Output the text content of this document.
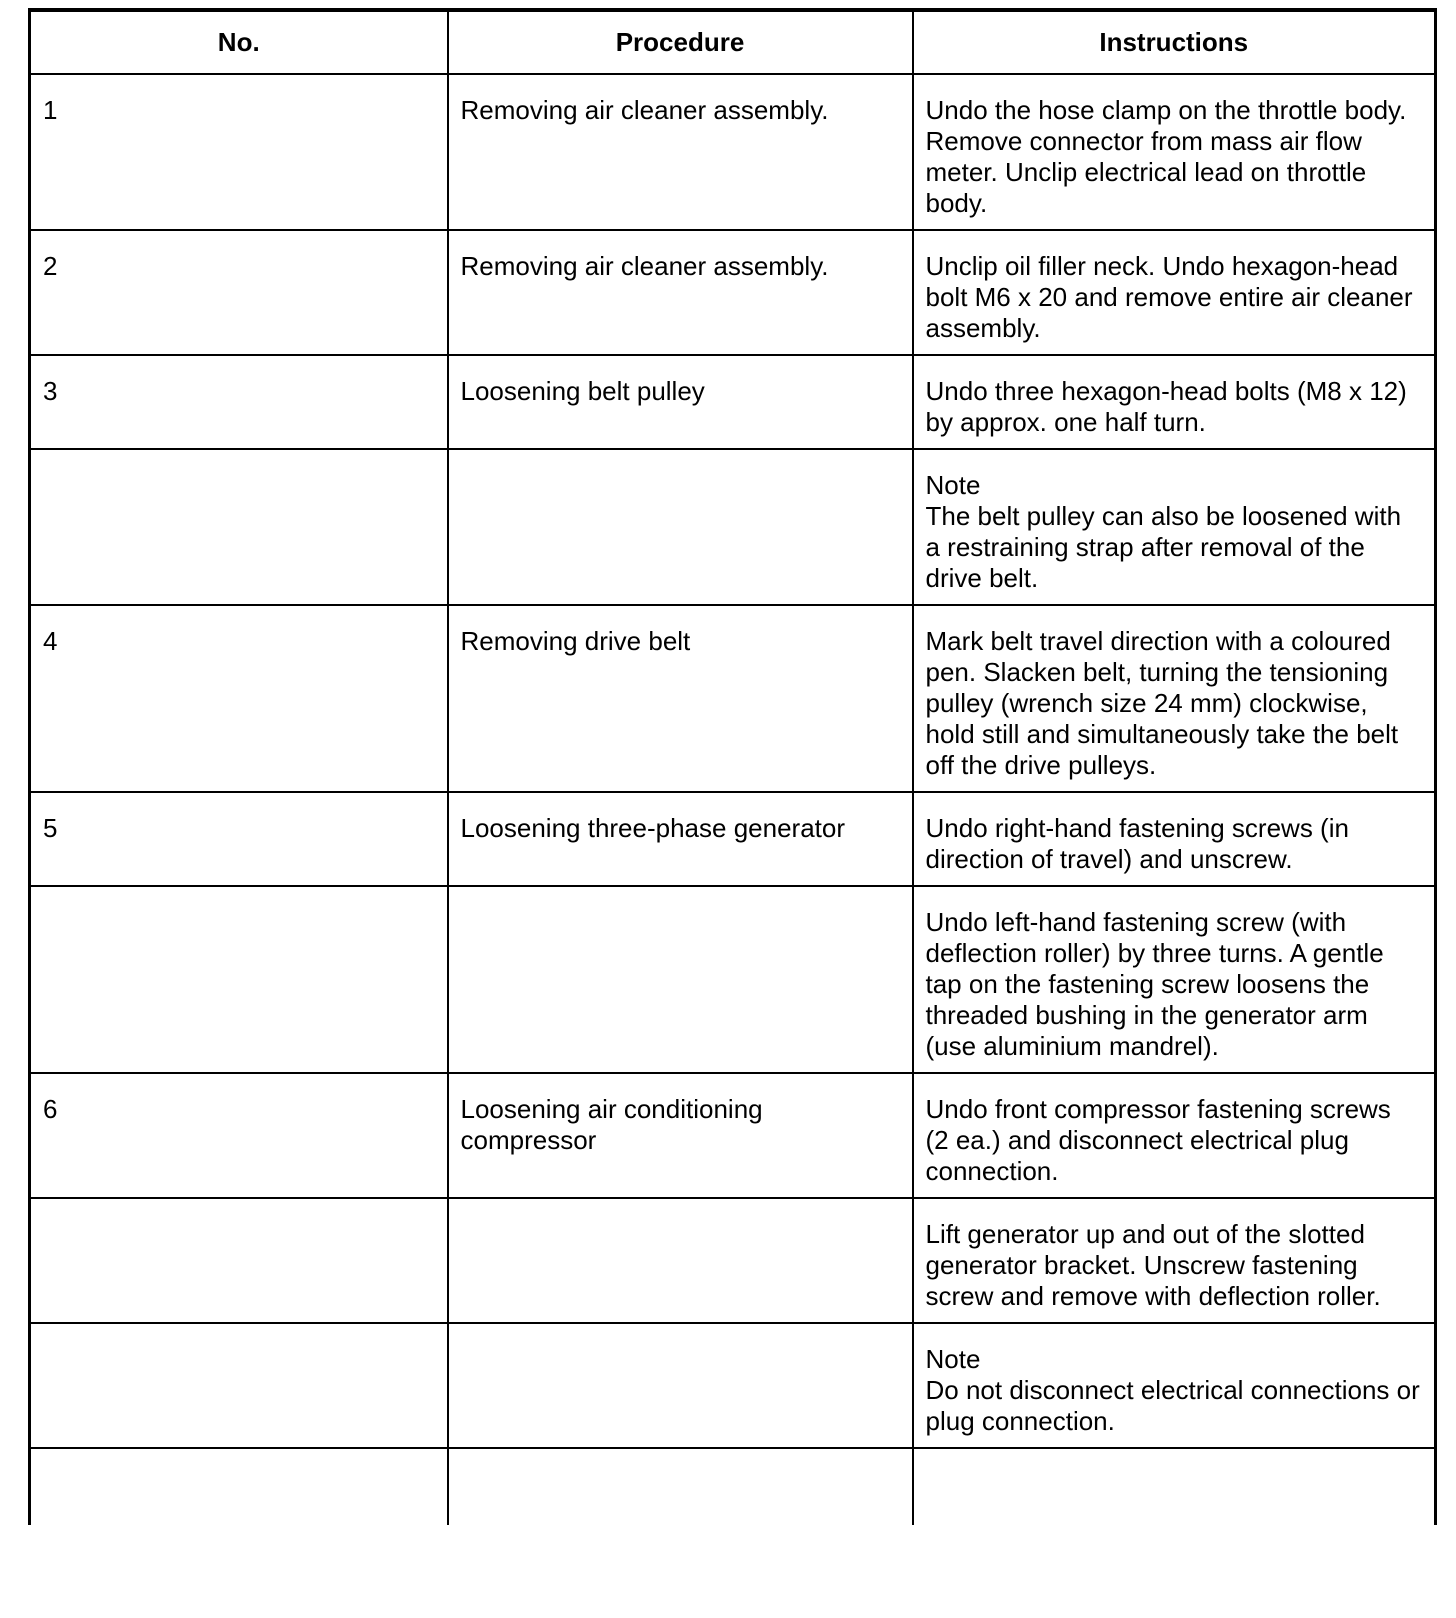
No.	Procedure	Instructions
1	Removing air cleaner assembly.	Undo the hose clamp on the throttle body. Remove connector from mass air flow meter. Unclip electrical lead on throttle body.
2	Removing air cleaner assembly.	Unclip oil filler neck. Undo hexagon-head bolt M6 x 20 and remove entire air cleaner assembly.
3	Loosening belt pulley	Undo three hexagon-head bolts (M8 x 12) by approx. one half turn.

		Note
The belt pulley can also be loosened with a restraining strap after removal of the drive belt.

4	Removing drive belt	Mark belt travel direction with a coloured pen. Slacken belt, turning the tensioning pulley (wrench size 24 mm) clockwise, hold still and simultaneously take the belt off the drive pulleys.
5	Loosening three-phase generator	Undo right-hand fastening screws (in direction of travel) and unscrew.
		Undo left-hand fastening screw (with deflection roller) by three turns. A gentle tap on the fastening screw loosens the threaded bushing in the generator arm (use aluminium mandrel).
6	Loosening air conditioning compressor	Undo front compressor fastening screws (2 ea.) and disconnect electrical plug connection.
		Lift generator up and out of the slotted generator bracket. Unscrew fastening screw and remove with deflection roller.

		Note
Do not disconnect electrical connections or plug connection.
